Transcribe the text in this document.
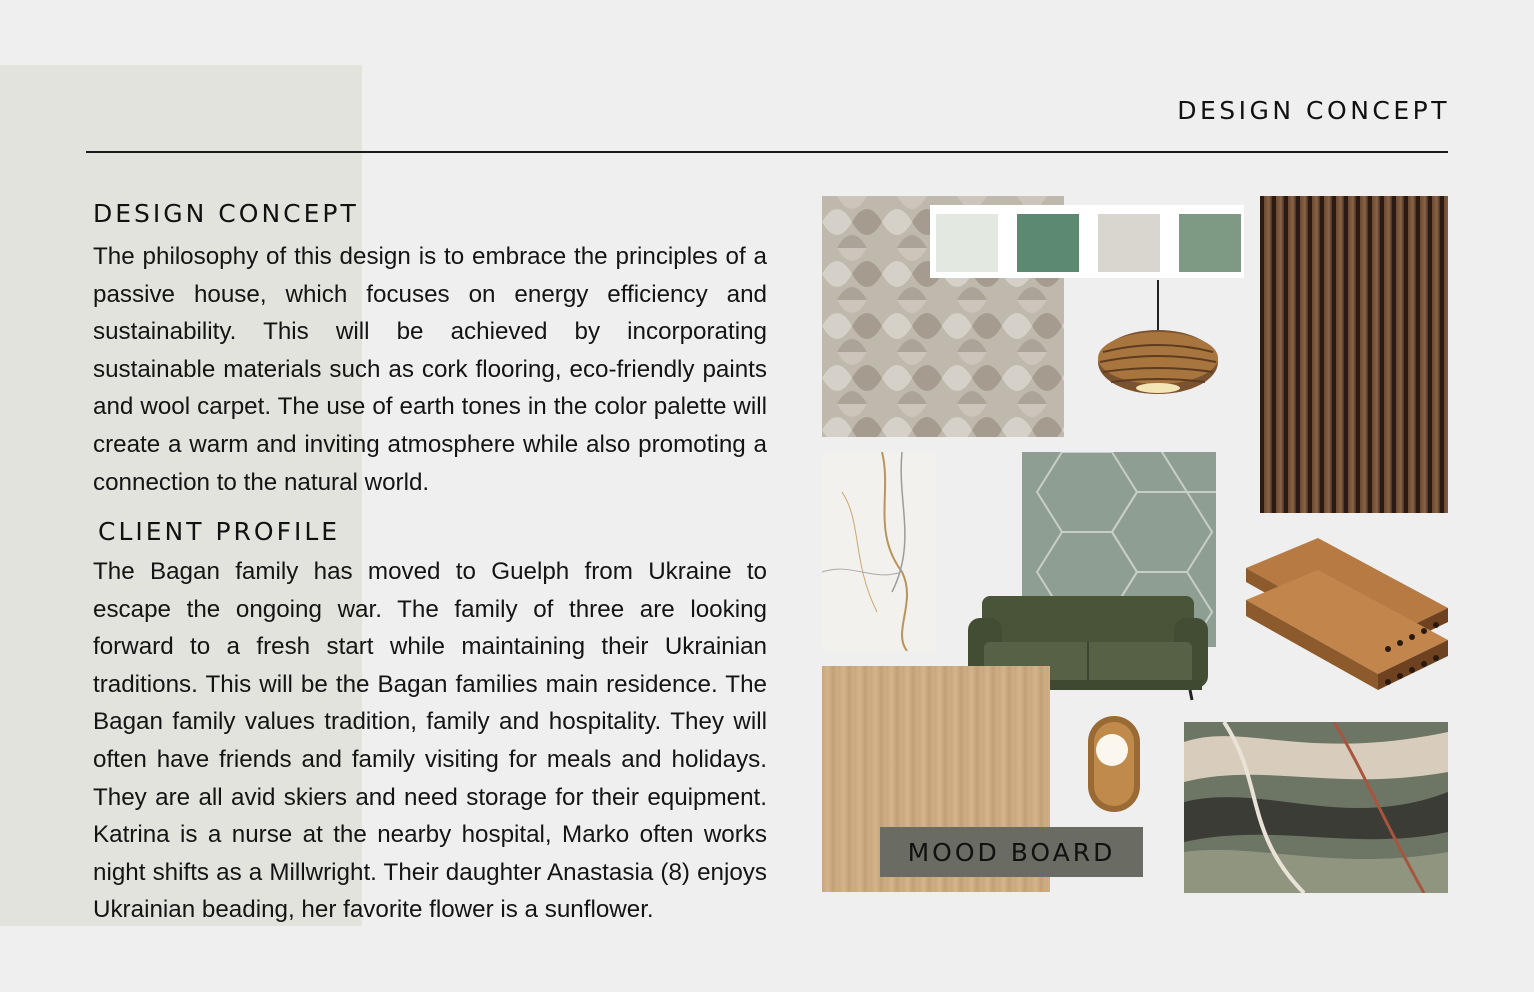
DESIGN CONCEPT
DESIGN CONCEPT
The philosophy of this design is to embrace the principles of a passive house, which focuses on energy efficiency and sustainability. This will be achieved by incorporating sustainable materials such as cork flooring, eco-friendly paints and wool carpet. The use of earth tones in the color palette will create a warm and inviting atmosphere while also promoting a connection to the natural world.
CLIENT PROFILE
The Bagan family has moved to Guelph from Ukraine to escape the ongoing war. The family of three are looking forward to a fresh start while maintaining their Ukrainian traditions. This will be the Bagan families main residence. The Bagan family values tradition, family and hospitality. They will often have friends and family visiting for meals and holidays. They are all avid skiers and need storage for their equipment. Katrina is a nurse at the nearby hospital, Marko often works night shifts as a Millwright. Their daughter Anastasia (8) enjoys Ukrainian beading, her favorite flower is a sunflower.
MOOD BOARD
